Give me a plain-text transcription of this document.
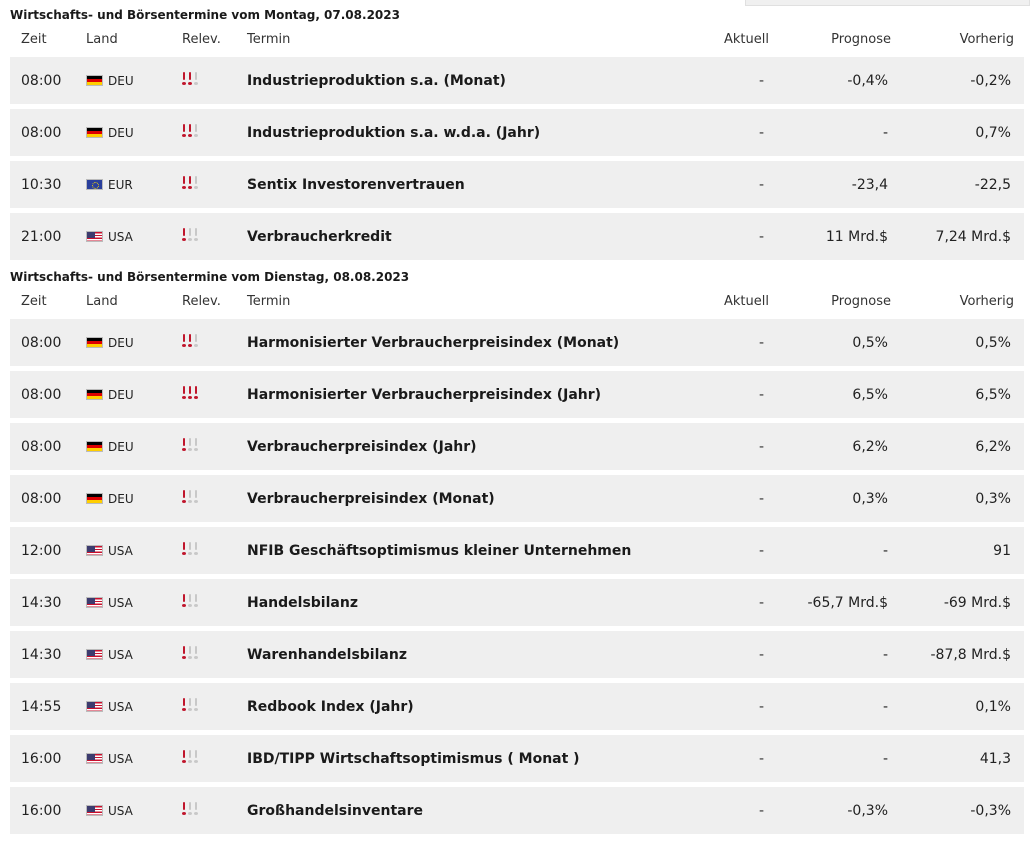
Wirtschafts- und Börsentermine vom Montag, 07.08.2023
Zeit	Land	Relev. Termin	Aktuell	Prognose	Vorherig
08:00	DEU	Industrieproduktion s.a. (Monat)	-	-0,4%	-0,2%
08:00	DEU	Industrieproduktion s.a. w.d.a. (Jahr)	-	-	0,7%
10:30	EUR	Sentix Investorenvertrauen	-	-23,4	-22,5
21:00	USA	Verbraucherkredit	-	11 Mrd.$	7,24 Mrd.$
Wirtschafts- und Börsentermine vom Dienstag, 08.08.2023
Zeit	Land	Relev. Termin	Aktuell	Prognose	Vorherig
08:00	DEU	Harmonisierter Verbraucherpreisindex (Monat)	-	0,5%	0,5%
08:00	DEU	Harmonisierter Verbraucherpreisindex (Jahr)	-	6,5%	6,5%
08:00	DEU	Verbraucherpreisindex (Jahr)	-	6,2%	6,2%
08:00	DEU	Verbraucherpreisindex (Monat)	-	0,3%	0,3%
12:00	USA	NFIB Geschäftsoptimismus kleiner Unternehmen	-	-	91
14:30	USA	Handelsbilanz	-	-65,7 Mrd.$	-69 Mrd.$
14:30	USA	Warenhandelsbilanz	-	-	-87,8 Mrd.$
14:55	USA	Redbook Index (Jahr)	-	-	0,1%
16:00	USA	IBD/TIPP Wirtschaftsoptimismus ( Monat )	-	-	41,3
16:00	USA	Großhandelsinventare	-	-0,3%	-0,3%
